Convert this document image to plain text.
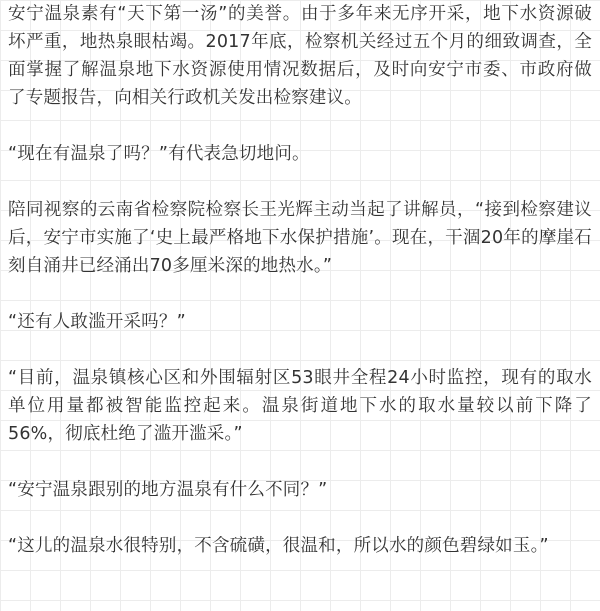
安宁温泉素有“天下第一汤”的美誉。由于多年来无序开采，地下水资源破坏严重，地热泉眼枯竭。2017年底，检察机关经过五个月的细致调查，全面掌握了解温泉地下水资源使用情况数据后，及时向安宁市委、市政府做了专题报告，向相关行政机关发出检察建议。

“现在有温泉了吗？”有代表急切地问。

陪同视察的云南省检察院检察长王光辉主动当起了讲解员，“接到检察建议后，安宁市实施了‘史上最严格地下水保护措施’。现在，干涸20年的摩崖石刻自涌井已经涌出70多厘米深的地热水。”

“还有人敢滥开采吗？”

“目前，温泉镇核心区和外围辐射区53眼井全程24小时监控，现有的取水单位用量都被智能监控起来。温泉街道地下水的取水量较以前下降了56%，彻底杜绝了滥开滥采。”

“安宁温泉跟别的地方温泉有什么不同？”

“这儿的温泉水很特别，不含硫磺，很温和，所以水的颜色碧绿如玉。”
